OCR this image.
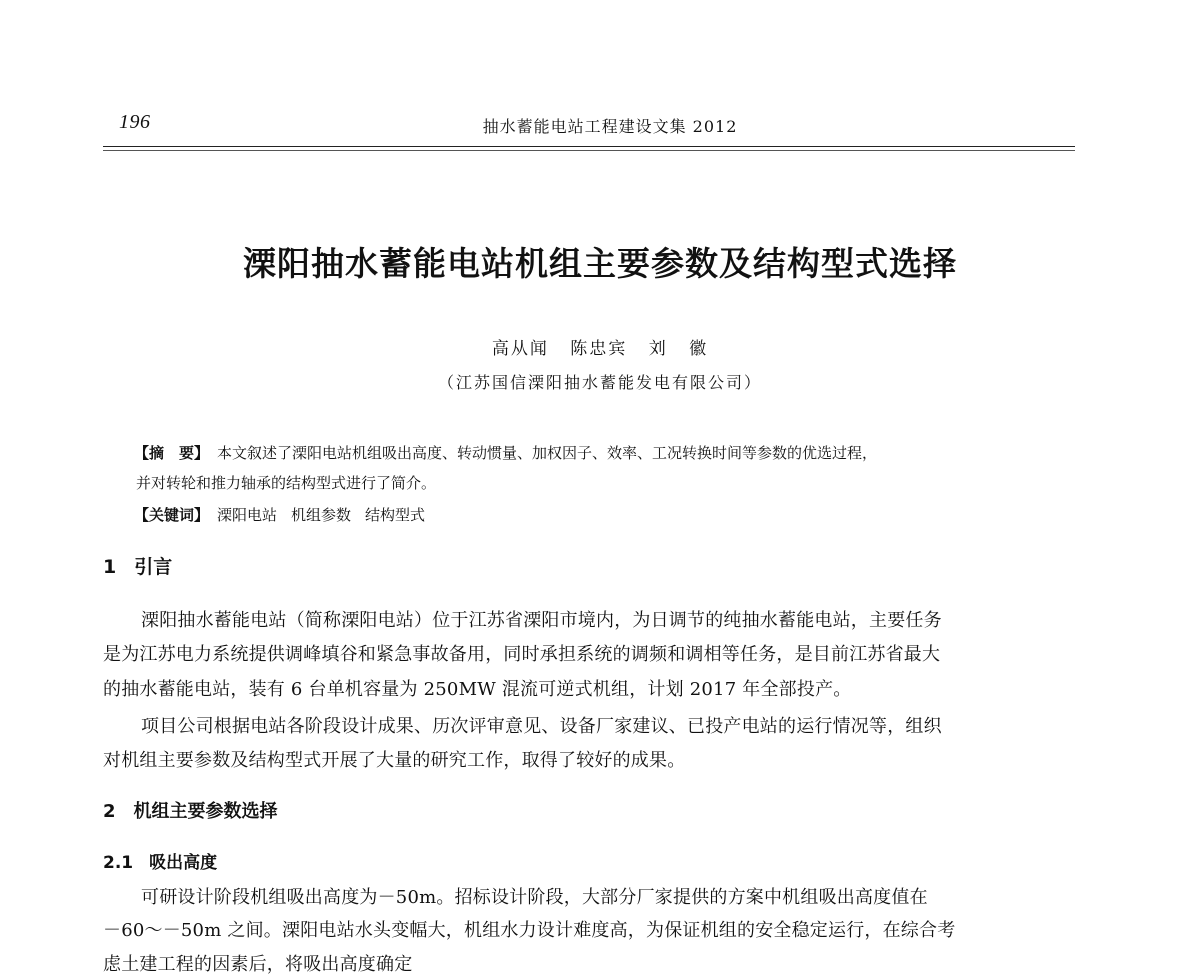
196	抽水蓄能电站工程建设文集 2012
溧阳抽水蓄能电站机组主要参数及结构型式选择
高从闻 陈忠宾 刘 徽
（江苏国信溧阳抽水蓄能发电有限公司）
【摘　要】 本文叙述了溧阳电站机组吸出高度、转动惯量、加权因子、效率、工况转换时间等参数的优选过程，
并对转轮和推力轴承的结构型式进行了简介。
【关键词】 溧阳电站 机组参数 结构型式
1 引言
溧阳抽水蓄能电站（简称溧阳电站）位于江苏省溧阳市境内，为日调节的纯抽水蓄能电站，主要任务
是为江苏电力系统提供调峰填谷和紧急事故备用，同时承担系统的调频和调相等任务，是目前江苏省最大
的抽水蓄能电站，装有 6 台单机容量为 250MW 混流可逆式机组，计划 2017 年全部投产。
项目公司根据电站各阶段设计成果、历次评审意见、设备厂家建议、已投产电站的运行情况等，组织
对机组主要参数及结构型式开展了大量的研究工作，取得了较好的成果。
2 机组主要参数选择
2.1 吸出高度
可研设计阶段机组吸出高度为－50m。招标设计阶段，大部分厂家提供的方案中机组吸出高度值在
－60～－50m 之间。溧阳电站水头变幅大，机组水力设计难度高，为保证机组的安全稳定运行，在综合考
虑土建工程的因素后，将吸出高度确定
